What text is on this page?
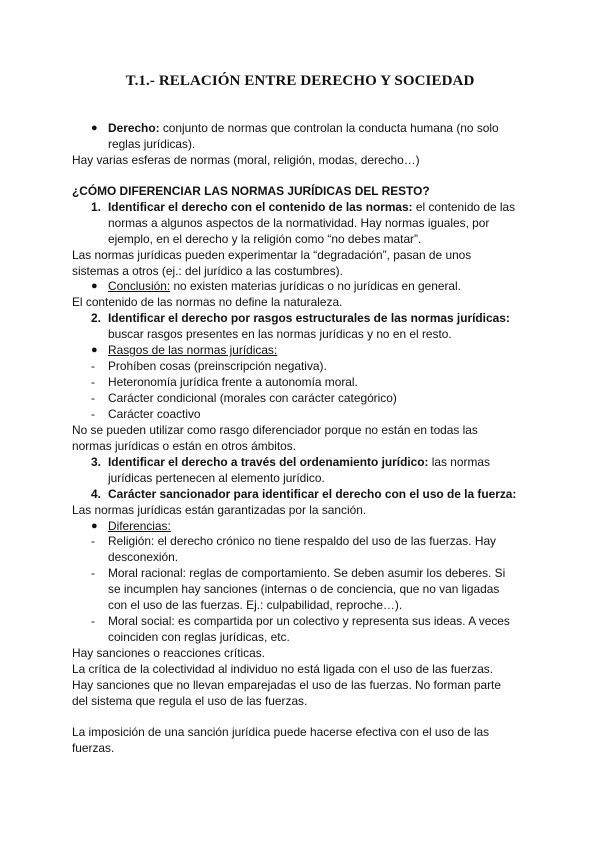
T.1.- RELACIÓN ENTRE DERECHO Y SOCIEDAD
● Derecho: conjunto de normas que controlan la conducta humana (no solo
reglas jurídicas).
Hay varias esferas de normas (moral, religión, modas, derecho…)
¿CÓMO DIFERENCIAR LAS NORMAS JURÍDICAS DEL RESTO?
1. Identificar el derecho con el contenido de las normas: el contenido de las
normas a algunos aspectos de la normatividad. Hay normas iguales, por
ejemplo, en el derecho y la religión como “no debes matar”.
Las normas jurídicas pueden experimentar la “degradación”, pasan de unos
sistemas a otros (ej.: del jurídico a las costumbres).
● Conclusión: no existen materias jurídicas o no jurídicas en general.
El contenido de las normas no define la naturaleza.
2. Identificar el derecho por rasgos estructurales de las normas jurídicas:
buscar rasgos presentes en las normas jurídicas y no en el resto.
● Rasgos de las normas jurídicas:
- Prohíben cosas (preinscripción negativa).
- Heteronomía jurídica frente a autonomía moral.
- Carácter condicional (morales con carácter categórico)
- Carácter coactivo
No se pueden utilizar como rasgo diferenciador porque no están en todas las
normas jurídicas o están en otros ámbitos.
3. Identificar el derecho a través del ordenamiento jurídico: las normas
jurídicas pertenecen al elemento jurídico.
4. Carácter sancionador para identificar el derecho con el uso de la fuerza:
Las normas jurídicas están garantizadas por la sanción.
● Diferencias:
- Religión: el derecho crónico no tiene respaldo del uso de las fuerzas. Hay
desconexión.
- Moral racional: reglas de comportamiento. Se deben asumir los deberes. Si
se incumplen hay sanciones (internas o de conciencia, que no van ligadas
con el uso de las fuerzas. Ej.: culpabilidad, reproche…).
- Moral social: es compartida por un colectivo y representa sus ideas. A veces
coinciden con reglas jurídicas, etc.
Hay sanciones o reacciones críticas.
La crítica de la colectividad al individuo no está ligada con el uso de las fuerzas.
Hay sanciones que no llevan emparejadas el uso de las fuerzas. No forman parte
del sistema que regula el uso de las fuerzas.
La imposición de una sanción jurídica puede hacerse efectiva con el uso de las
fuerzas.
